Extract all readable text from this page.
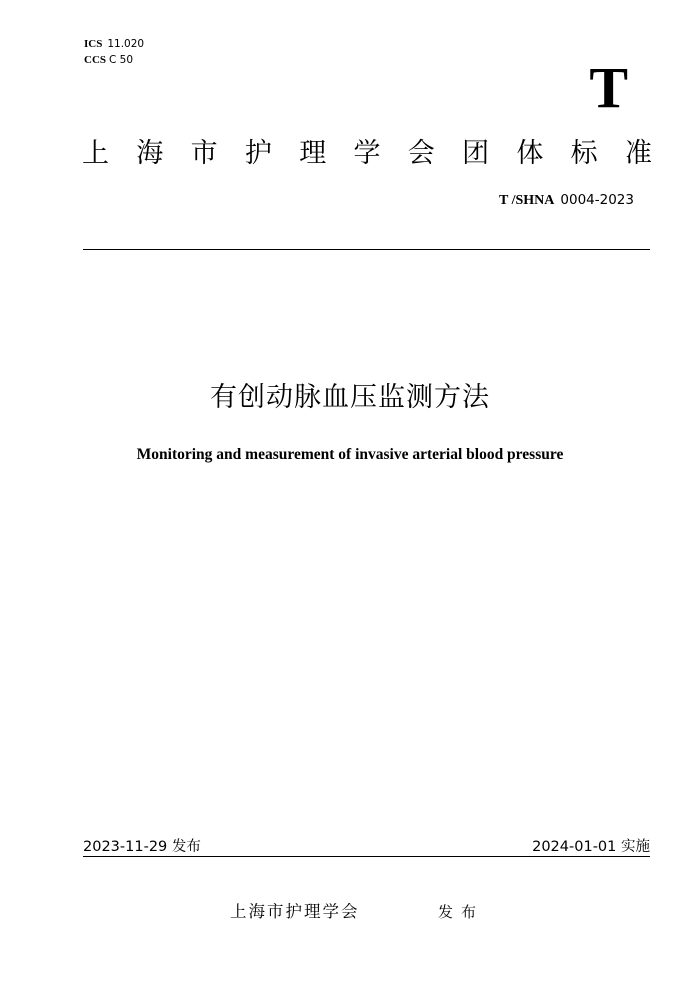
ICS 11.020
CCS C 50	T
上 海 市 护 理 学 会 团 体 标 准
T /SHNA 0004-2023
有创动脉血压监测方法
Monitoring and measurement of invasive arterial blood pressure
2023-11-29 发布	2024-01-01 实施
上海市护理学会	发布
